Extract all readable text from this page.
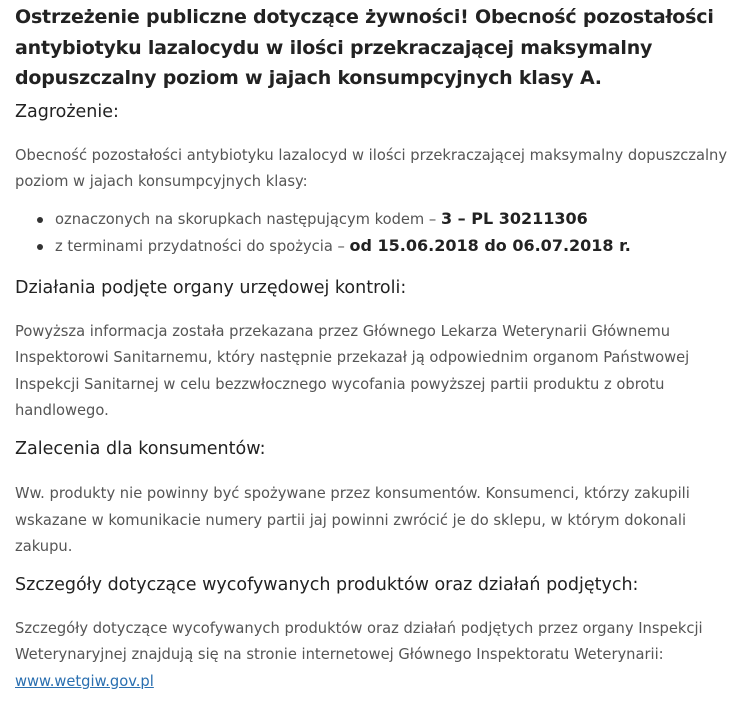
Ostrzeżenie publiczne dotyczące żywności! Obecność pozostałości antybiotyku lazalocydu w ilości przekraczającej maksymalny dopuszczalny poziom w jajach konsumpcyjnych klasy A.
Zagrożenie:

Obecność pozostałości antybiotyku lazalocyd w ilości przekraczającej maksymalny dopuszczalny poziom w jajach konsumpcyjnych klasy:

oznaczonych na skorupkach następującym kodem – 3 – PL 30211306
z terminami przydatności do spożycia – od 15.06.2018 do 06.07.2018 r.
Działania podjęte organy urzędowej kontroli:

Powyższa informacja została przekazana przez Głównego Lekarza Weterynarii Głównemu Inspektorowi Sanitarnemu, który następnie przekazał ją odpowiednim organom Państwowej Inspekcji Sanitarnej w celu bezzwłocznego wycofania powyższej partii produktu z obrotu handlowego.

Zalecenia dla konsumentów:

Ww. produkty nie powinny być spożywane przez konsumentów. Konsumenci, którzy zakupili wskazane w komunikacie numery partii jaj powinni zwrócić je do sklepu, w którym dokonali zakupu.

Szczegóły dotyczące wycofywanych produktów oraz działań podjętych:

Szczegóły dotyczące wycofywanych produktów oraz działań podjętych przez organy Inspekcji Weterynaryjnej znajdują się na stronie internetowej Głównego Inspektoratu Weterynarii:
www.wetgiw.gov.pl
